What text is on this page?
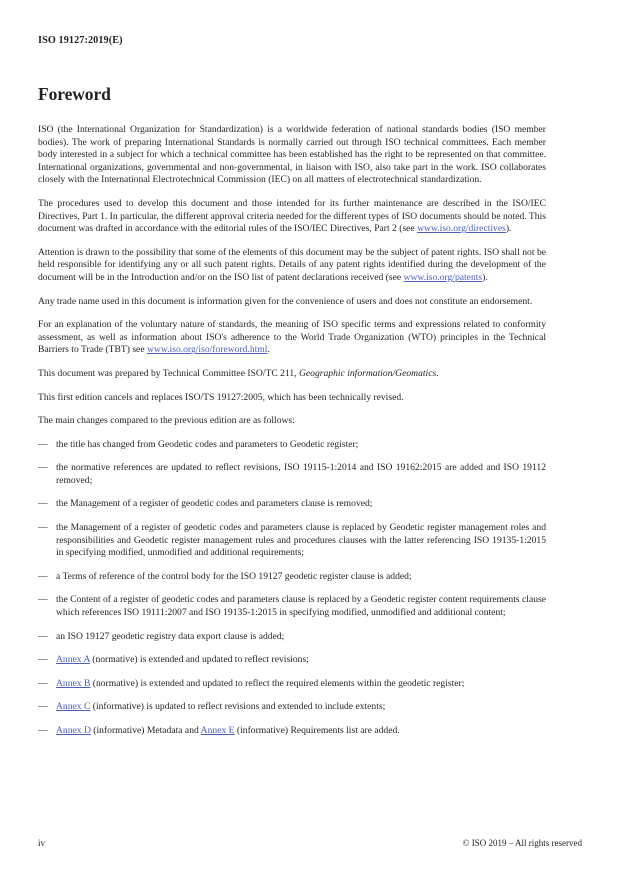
ISO 19127:2019(E)
Foreword

ISO (the International Organization for Standardization) is a worldwide federation of national standards bodies (ISO member bodies). The work of preparing International Standards is normally carried out through ISO technical committees. Each member body interested in a subject for which a technical committee has been established has the right to be represented on that committee. International organizations, governmental and non-governmental, in liaison with ISO, also take part in the work. ISO collaborates closely with the International Electrotechnical Commission (IEC) on all matters of electrotechnical standardization.

The procedures used to develop this document and those intended for its further maintenance are described in the ISO/IEC Directives, Part 1. In particular, the different approval criteria needed for the different types of ISO documents should be noted. This document was drafted in accordance with the editorial rules of the ISO/IEC Directives, Part 2 (see www.iso.org/directives).

Attention is drawn to the possibility that some of the elements of this document may be the subject of patent rights. ISO shall not be held responsible for identifying any or all such patent rights. Details of any patent rights identified during the development of the document will be in the Introduction and/or on the ISO list of patent declarations received (see www.iso.org/patents).

Any trade name used in this document is information given for the convenience of users and does not constitute an endorsement.

For an explanation of the voluntary nature of standards, the meaning of ISO specific terms and expressions related to conformity assessment, as well as information about ISO's adherence to the World Trade Organization (WTO) principles in the Technical Barriers to Trade (TBT) see www.iso.org/iso/foreword.html.

This document was prepared by Technical Committee ISO/TC 211, Geographic information/Geomatics.

This first edition cancels and replaces ISO/TS 19127:2005, which has been technically revised.

The main changes compared to the previous edition are as follows:

— the title has changed from Geodetic codes and parameters to Geodetic register;
— the normative references are updated to reflect revisions, ISO 19115-1:2014 and ISO 19162:2015 are added and ISO 19112 removed;
— the Management of a register of geodetic codes and parameters clause is removed;
— the Management of a register of geodetic codes and parameters clause is replaced by Geodetic register management roles and responsibilities and Geodetic register management rules and procedures clauses with the latter referencing ISO 19135-1:2015 in specifying modified, unmodified and additional requirements;
— a Terms of reference of the control body for the ISO 19127 geodetic register clause is added;
— the Content of a register of geodetic codes and parameters clause is replaced by a Geodetic register content requirements clause which references ISO 19111:2007 and ISO 19135-1:2015 in specifying modified, unmodified and additional content;
— an ISO 19127 geodetic registry data export clause is added;
— Annex A (normative) is extended and updated to reflect revisions;
— Annex B (normative) is extended and updated to reflect the required elements within the geodetic register;
— Annex C (informative) is updated to reflect revisions and extended to include extents;
— Annex D (informative) Metadata and Annex E (informative) Requirements list are added.
iv	© ISO 2019 – All rights reserved
